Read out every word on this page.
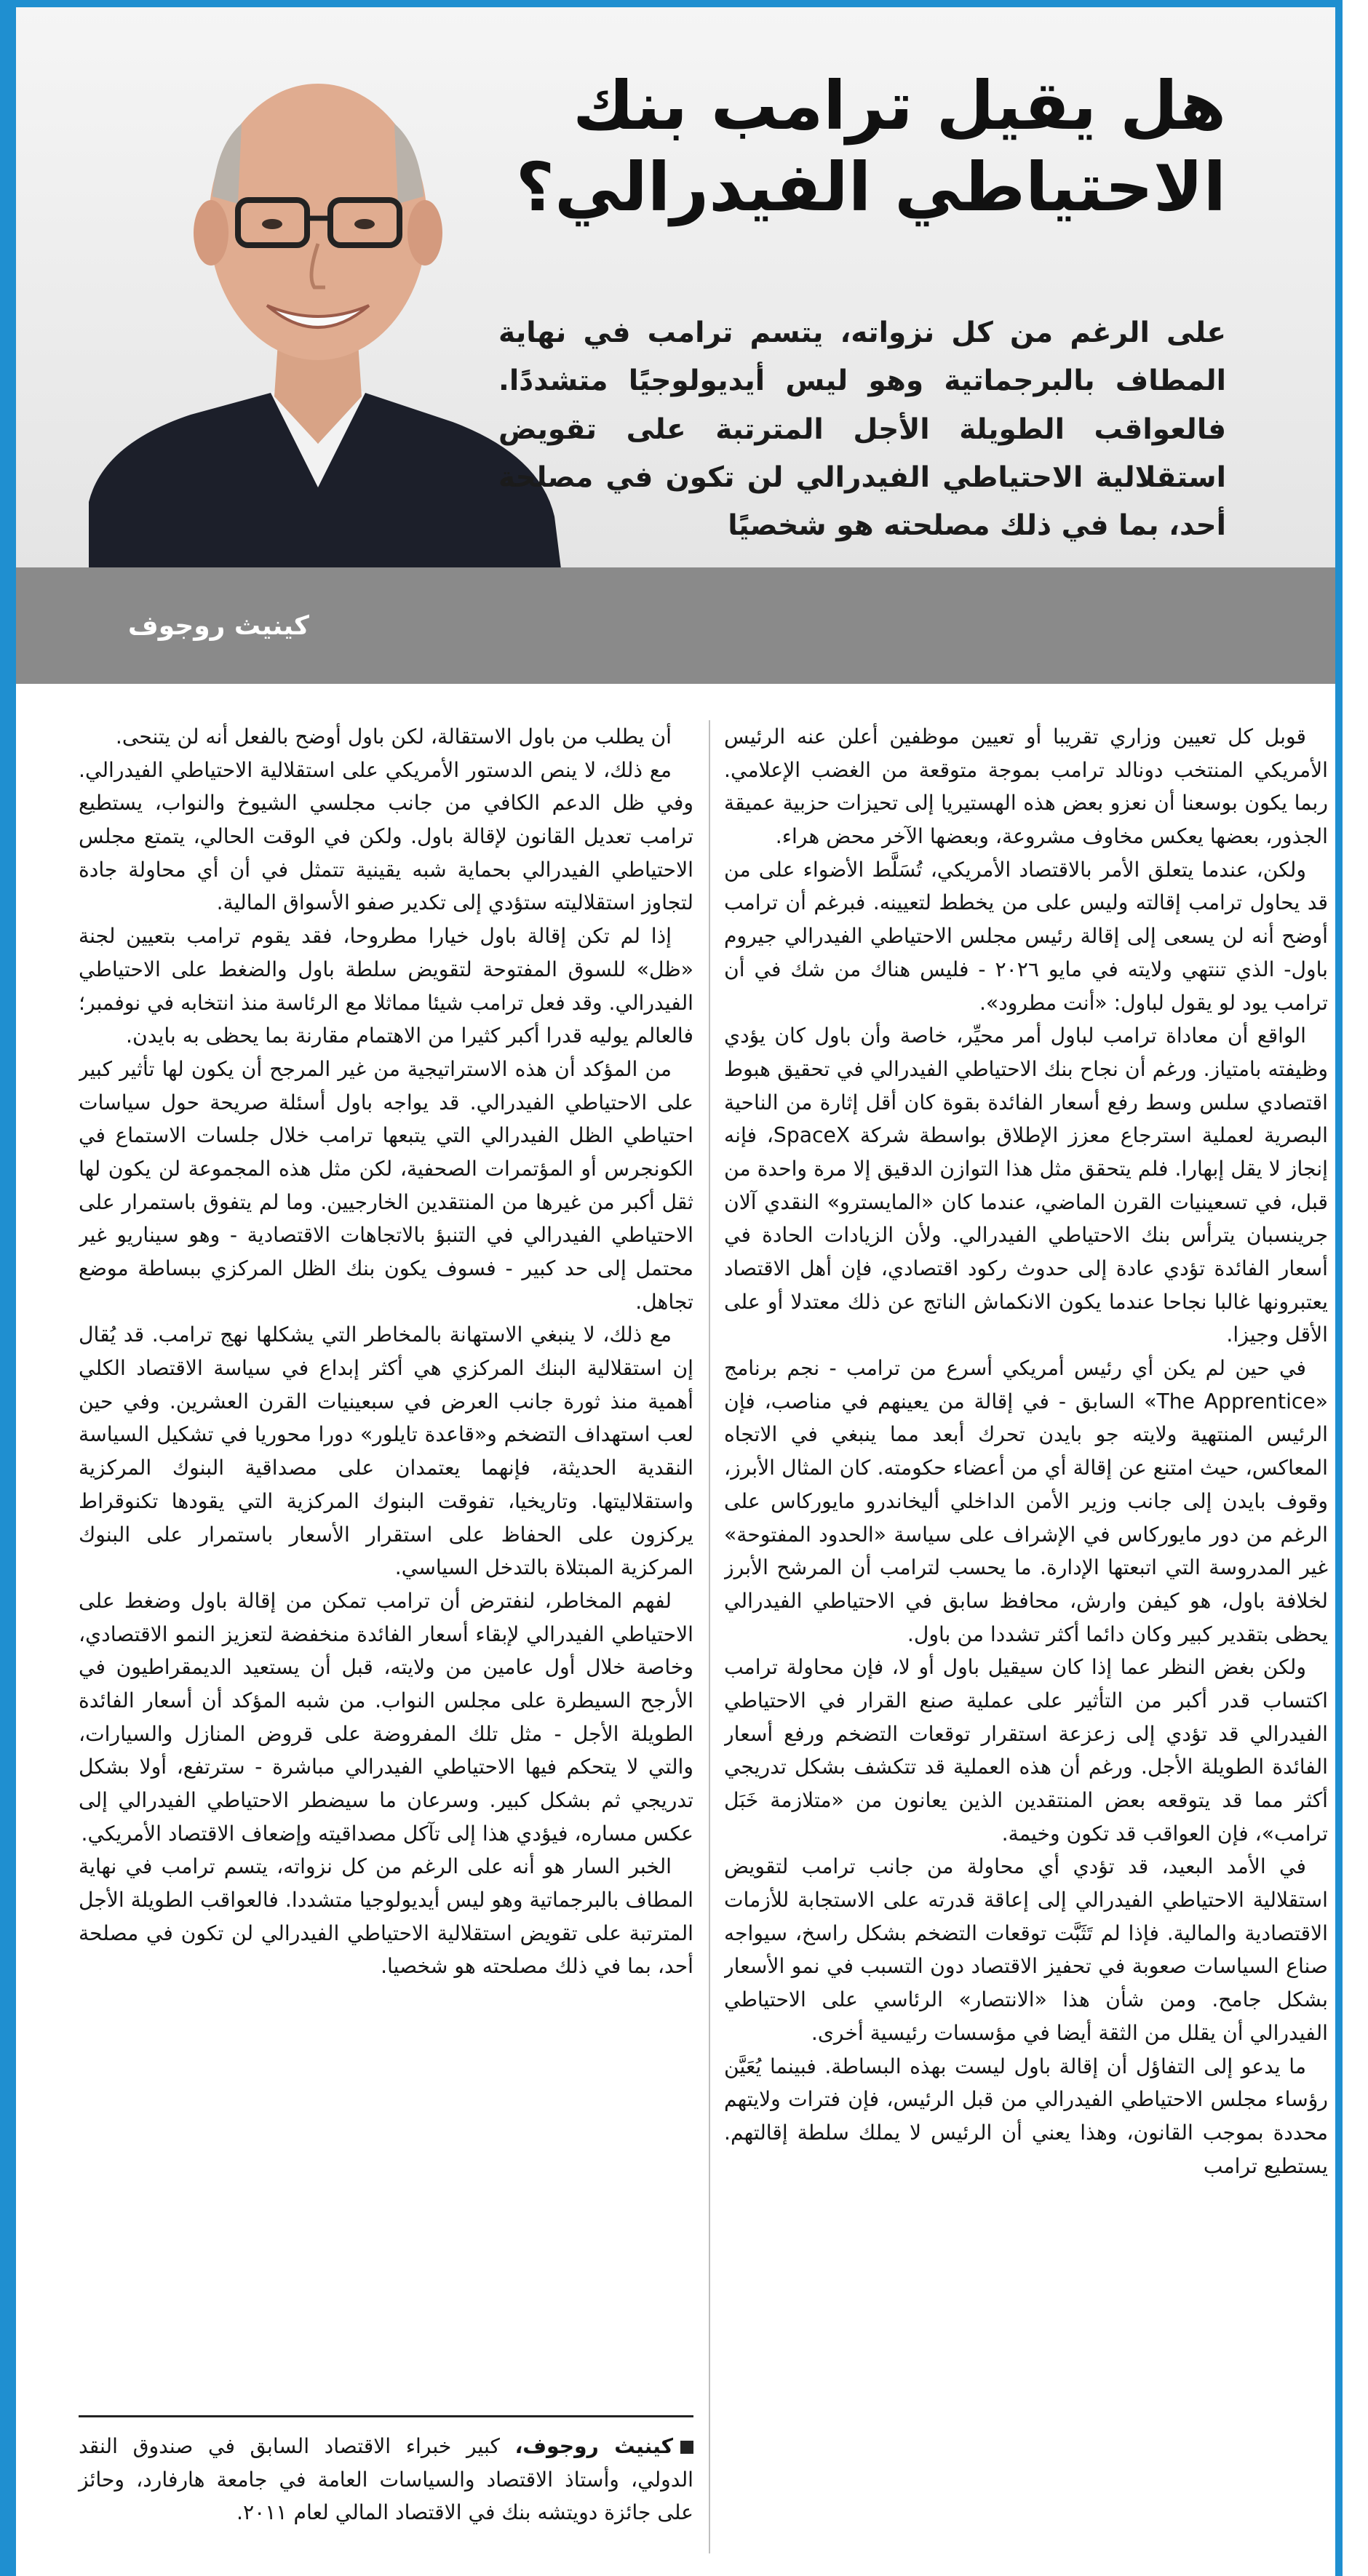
هل يقيل ترامب بنك الاحتياطي الفيدرالي؟
على الرغم من كل نزواته، يتسم ترامب في نهاية المطاف بالبرجماتية وهو ليس أيديولوجيًا متشددًا. فالعواقب الطويلة الأجل المترتبة على تقويض استقلالية الاحتياطي الفيدرالي لن تكون في مصلحة أحد، بما في ذلك مصلحته هو شخصيًا
كينيث روجوف

قوبل كل تعيين وزاري تقريبا أو تعيين موظفين أعلن عنه الرئيس الأمريكي المنتخب دونالد ترامب بموجة متوقعة من الغضب الإعلامي. ربما يكون بوسعنا أن نعزو بعض هذه الهستيريا إلى تحيزات حزبية عميقة الجذور، بعضها يعكس مخاوف مشروعة، وبعضها الآخر محض هراء.

ولكن، عندما يتعلق الأمر بالاقتصاد الأمريكي، تُسَلَّط الأضواء على من قد يحاول ترامب إقالته وليس على من يخطط لتعيينه. فبرغم أن ترامب أوضح أنه لن يسعى إلى إقالة رئيس مجلس الاحتياطي الفيدرالي جيروم باول- الذي تنتهي ولايته في مايو ٢٠٢٦ - فليس هناك من شك في أن ترامب يود لو يقول لباول: «أنت مطرود».

الواقع أن معاداة ترامب لباول أمر محيِّر، خاصة وأن باول كان يؤدي وظيفته بامتياز. ورغم أن نجاح بنك الاحتياطي الفيدرالي في تحقيق هبوط اقتصادي سلس وسط رفع أسعار الفائدة بقوة كان أقل إثارة من الناحية البصرية لعملية استرجاع معزز الإطلاق بواسطة شركة SpaceX، فإنه إنجاز لا يقل إبهارا. فلم يتحقق مثل هذا التوازن الدقيق إلا مرة واحدة من قبل، في تسعينيات القرن الماضي، عندما كان «المايسترو» النقدي آلان جرينسبان يترأس بنك الاحتياطي الفيدرالي. ولأن الزيادات الحادة في أسعار الفائدة تؤدي عادة إلى حدوث ركود اقتصادي، فإن أهل الاقتصاد يعتبرونها غالبا نجاحا عندما يكون الانكماش الناتج عن ذلك معتدلا أو على الأقل وجيزا.

في حين لم يكن أي رئيس أمريكي أسرع من ترامب - نجم برنامج «The Apprentice» السابق - في إقالة من يعينهم في مناصب، فإن الرئيس المنتهية ولايته جو بايدن تحرك أبعد مما ينبغي في الاتجاه المعاكس، حيث امتنع عن إقالة أي من أعضاء حكومته. كان المثال الأبرز، وقوف بايدن إلى جانب وزير الأمن الداخلي أليخاندرو مايوركاس على الرغم من دور مايوركاس في الإشراف على سياسة «الحدود المفتوحة» غير المدروسة التي اتبعتها الإدارة. ما يحسب لترامب أن المرشح الأبرز لخلافة باول، هو كيفن وارش، محافظ سابق في الاحتياطي الفيدرالي يحظى بتقدير كبير وكان دائما أكثر تشددا من باول.

ولكن بغض النظر عما إذا كان سيقيل باول أو لا، فإن محاولة ترامب اكتساب قدر أكبر من التأثير على عملية صنع القرار في الاحتياطي الفيدرالي قد تؤدي إلى زعزعة استقرار توقعات التضخم ورفع أسعار الفائدة الطويلة الأجل. ورغم أن هذه العملية قد تتكشف بشكل تدريجي أكثر مما قد يتوقعه بعض المنتقدين الذين يعانون من «متلازمة خَبَل ترامب»، فإن العواقب قد تكون وخيمة.

في الأمد البعيد، قد تؤدي أي محاولة من جانب ترامب لتقويض استقلالية الاحتياطي الفيدرالي إلى إعاقة قدرته على الاستجابة للأزمات الاقتصادية والمالية. فإذا لم تَثَبَّت توقعات التضخم بشكل راسخ، سيواجه صناع السياسات صعوبة في تحفيز الاقتصاد دون التسبب في نمو الأسعار بشكل جامح. ومن شأن هذا «الانتصار» الرئاسي على الاحتياطي الفيدرالي أن يقلل من الثقة أيضا في مؤسسات رئيسية أخرى.

ما يدعو إلى التفاؤل أن إقالة باول ليست بهذه البساطة. فبينما يُعَيَّن رؤساء مجلس الاحتياطي الفيدرالي من قبل الرئيس، فإن فترات ولايتهم محددة بموجب القانون، وهذا يعني أن الرئيس لا يملك سلطة إقالتهم. يستطيع ترامب

أن يطلب من باول الاستقالة، لكن باول أوضح بالفعل أنه لن يتنحى.

مع ذلك، لا ينص الدستور الأمريكي على استقلالية الاحتياطي الفيدرالي. وفي ظل الدعم الكافي من جانب مجلسي الشيوخ والنواب، يستطيع ترامب تعديل القانون لإقالة باول. ولكن في الوقت الحالي، يتمتع مجلس الاحتياطي الفيدرالي بحماية شبه يقينية تتمثل في أن أي محاولة جادة لتجاوز استقلاليته ستؤدي إلى تكدير صفو الأسواق المالية.

إذا لم تكن إقالة باول خيارا مطروحا، فقد يقوم ترامب بتعيين لجنة «ظل» للسوق المفتوحة لتقويض سلطة باول والضغط على الاحتياطي الفيدرالي. وقد فعل ترامب شيئا مماثلا مع الرئاسة منذ انتخابه في نوفمبر؛ فالعالم يوليه قدرا أكبر كثيرا من الاهتمام مقارنة بما يحظى به بايدن.

من المؤكد أن هذه الاستراتيجية من غير المرجح أن يكون لها تأثير كبير على الاحتياطي الفيدرالي. قد يواجه باول أسئلة صريحة حول سياسات احتياطي الظل الفيدرالي التي يتبعها ترامب خلال جلسات الاستماع في الكونجرس أو المؤتمرات الصحفية، لكن مثل هذه المجموعة لن يكون لها ثقل أكبر من غيرها من المنتقدين الخارجيين. وما لم يتفوق باستمرار على الاحتياطي الفيدرالي في التنبؤ بالاتجاهات الاقتصادية - وهو سيناريو غير محتمل إلى حد كبير - فسوف يكون بنك الظل المركزي ببساطة موضع تجاهل.

مع ذلك، لا ينبغي الاستهانة بالمخاطر التي يشكلها نهج ترامب. قد يُقال إن استقلالية البنك المركزي هي أكثر إبداع في سياسة الاقتصاد الكلي أهمية منذ ثورة جانب العرض في سبعينيات القرن العشرين. وفي حين لعب استهداف التضخم و«قاعدة تايلور» دورا محوريا في تشكيل السياسة النقدية الحديثة، فإنهما يعتمدان على مصداقية البنوك المركزية واستقلاليتها. وتاريخيا، تفوقت البنوك المركزية التي يقودها تكنوقراط يركزون على الحفاظ على استقرار الأسعار باستمرار على البنوك المركزية المبتلاة بالتدخل السياسي.

لفهم المخاطر، لنفترض أن ترامب تمكن من إقالة باول وضغط على الاحتياطي الفيدرالي لإبقاء أسعار الفائدة منخفضة لتعزيز النمو الاقتصادي، وخاصة خلال أول عامين من ولايته، قبل أن يستعيد الديمقراطيون في الأرجح السيطرة على مجلس النواب. من شبه المؤكد أن أسعار الفائدة الطويلة الأجل - مثل تلك المفروضة على قروض المنازل والسيارات، والتي لا يتحكم فيها الاحتياطي الفيدرالي مباشرة - سترتفع، أولا بشكل تدريجي ثم بشكل كبير. وسرعان ما سيضطر الاحتياطي الفيدرالي إلى عكس مساره، فيؤدي هذا إلى تآكل مصداقيته وإضعاف الاقتصاد الأمريكي.

الخبر السار هو أنه على الرغم من كل نزواته، يتسم ترامب في نهاية المطاف بالبرجماتية وهو ليس أيديولوجيا متشددا. فالعواقب الطويلة الأجل المترتبة على تقويض استقلالية الاحتياطي الفيدرالي لن تكون في مصلحة أحد، بما في ذلك مصلحته هو شخصيا.

كينيث روجوف، كبير خبراء الاقتصاد السابق في صندوق النقد الدولي، وأستاذ الاقتصاد والسياسات العامة في جامعة هارفارد، وحائز على جائزة دويتشه بنك في الاقتصاد المالي لعام ٢٠١١.
